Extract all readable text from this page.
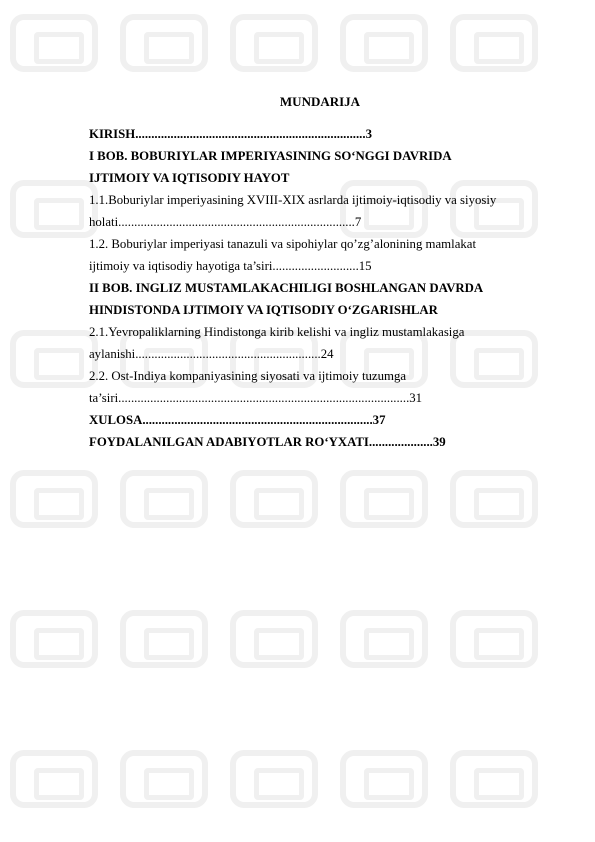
MUNDARIJA
KIRISH........................................................................3
I BOB. BOBURIYLAR IMPERIYASINING SO‘NGGI DAVRIDA
IJTIMOIY VA IQTISODIY HAYOT
1.1.Boburiylar imperiyasining XVIII-XIX asrlarda ijtimoiy-iqtisodiy va siyosiy
holati..........................................................................7
1.2. Boburiylar imperiyasi tanazuli va sipohiylar qo’zg’alonining mamlakat
ijtimoiy va iqtisodiy hayotiga ta’siri...........................15
II BOB. INGLIZ MUSTAMLAKACHILIGI BOSHLANGAN DAVRDA
HINDISTONDA IJTIMOIY VA IQTISODIY O‘ZGARISHLAR
2.1.Yevropaliklarning Hindistonga kirib kelishi va ingliz mustamlakasiga
aylanishi..........................................................24
2.2. Ost-Indiya kompaniyasining siyosati va ijtimoiy tuzumga
ta’siri...........................................................................................31
XULOSA........................................................................37
FOYDALANILGAN ADABIYOTLAR RO‘YXATI....................39
